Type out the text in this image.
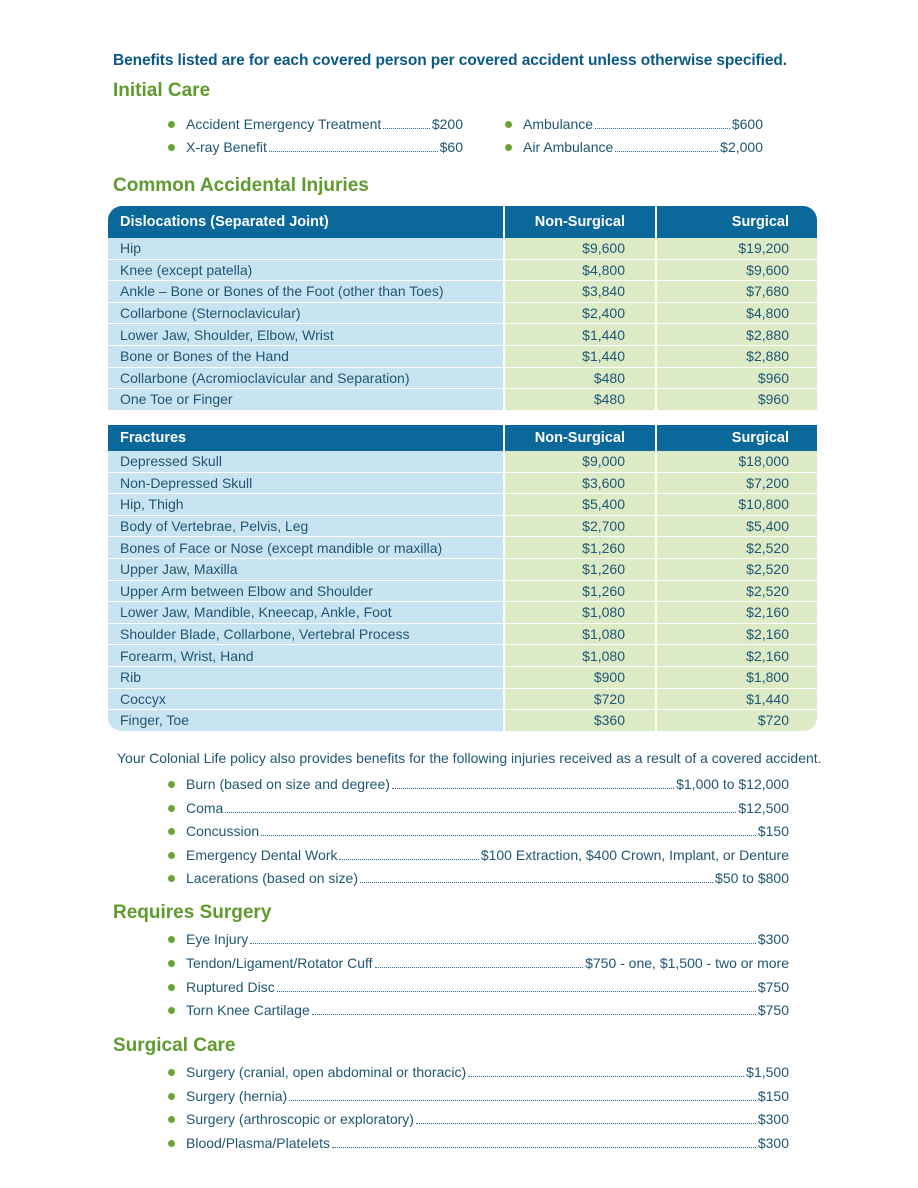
Benefits listed are for each covered person per covered accident unless otherwise specified.
Initial Care
Accident Emergency Treatment	$200
X-ray Benefit	$60
Ambulance	$600
Air Ambulance	$2,000
Common Accidental Injuries
Dislocations (Separated Joint)	Non-Surgical	Surgical
Hip	$9,600	$19,200
Knee (except patella)	$4,800	$9,600
Ankle – Bone or Bones of the Foot (other than Toes)	$3,840	$7,680
Collarbone (Sternoclavicular)	$2,400	$4,800
Lower Jaw, Shoulder, Elbow, Wrist	$1,440	$2,880
Bone or Bones of the Hand	$1,440	$2,880
Collarbone (Acromioclavicular and Separation)	$480	$960
One Toe or Finger	$480	$960
Fractures	Non-Surgical	Surgical
Depressed Skull	$9,000	$18,000
Non-Depressed Skull	$3,600	$7,200
Hip, Thigh	$5,400	$10,800
Body of Vertebrae, Pelvis, Leg	$2,700	$5,400
Bones of Face or Nose (except mandible or maxilla)	$1,260	$2,520
Upper Jaw, Maxilla	$1,260	$2,520
Upper Arm between Elbow and Shoulder	$1,260	$2,520
Lower Jaw, Mandible, Kneecap, Ankle, Foot	$1,080	$2,160
Shoulder Blade, Collarbone, Vertebral Process	$1,080	$2,160
Forearm, Wrist, Hand	$1,080	$2,160
Rib	$900	$1,800
Coccyx	$720	$1,440
Finger, Toe	$360	$720
Your Colonial Life policy also provides benefits for the following injuries received as a result of a covered accident.
Burn (based on size and degree)	$1,000 to $12,000
Coma	$12,500
Concussion	$150
Emergency Dental Work	$100 Extraction, $400 Crown, Implant, or Denture
Lacerations (based on size)	$50 to $800
Requires Surgery
Eye Injury	$300
Tendon/Ligament/Rotator Cuff	$750 - one, $1,500 - two or more
Ruptured Disc	$750
Torn Knee Cartilage	$750
Surgical Care
Surgery (cranial, open abdominal or thoracic)	$1,500
Surgery (hernia)	$150
Surgery (arthroscopic or exploratory)	$300
Blood/Plasma/Platelets	$300
